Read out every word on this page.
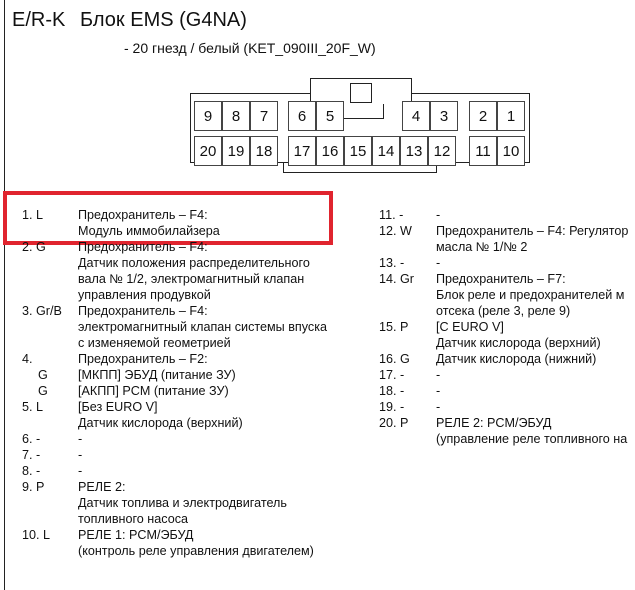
E/R-K Блок EMS (G4NA)
- 20 гнезд / белый (KET_090III_20F_W)
9	8	7	6	5	4	3	2	1
20 19 18	17 16 15 14 13 12	11 10
1. L	Предохранитель – F4:
Модуль иммобилайзера
2. G	Предохранитель – F4:
Датчик положения распределительного
вала № 1/2, электромагнитный клапан
управления продувкой
3. Gr/B Предохранитель – F4:
электромагнитный клапан системы впуска
с изменяемой геометрией
4.	Предохранитель – F2:
G [МКПП] ЭБУД (питание ЗУ)
G [АКПП] PCM (питание ЗУ)
5. L	[Без EURO V]
Датчик кислорода (верхний)
6. -	-
7. -	-
8. -	-
9. P	РЕЛЕ 2:
Датчик топлива и электродвигатель
топливного насоса
10. L РЕЛЕ 1: PCM/ЭБУД
(контроль реле управления двигателем)
11. -	-
12. W Предохранитель – F4: Регулятор
масла № 1/№ 2
13. -	-
14. Gr Предохранитель – F7:
Блок реле и предохранителей м
отсека (реле 3, реле 9)
15. P [C EURO V]
Датчик кислорода (верхний)
16. G Датчик кислорода (нижний)
17. -	-
18. -	-
19. -	-
20. P РЕЛЕ 2: PCM/ЭБУД
(управление реле топливного на
